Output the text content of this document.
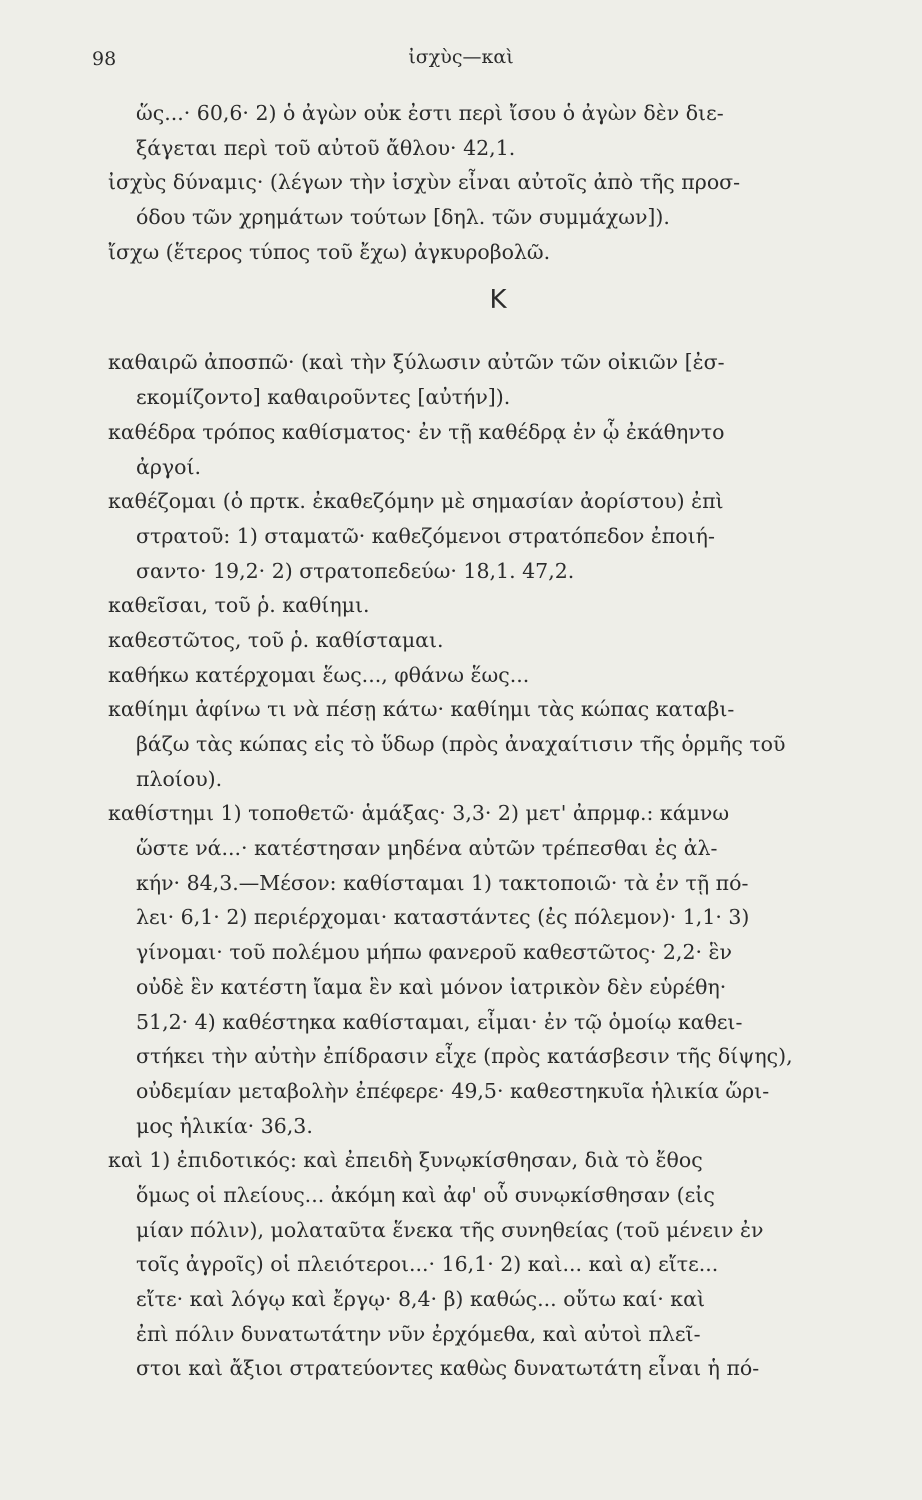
98	ἰσχὺς—καὶ
ὥς...· 60,6· 2) ὁ ἀγὼν οὐκ ἐστι περὶ ἴσου ὁ ἀγὼν δὲν διε-
ξάγεται περὶ τοῦ αὐτοῦ ἄθλου· 42,1.
ἰσχὺς δύναμις· (λέγων τὴν ἰσχὺν εἶναι αὐτοῖς ἀπὸ τῆς προσ-
όδου τῶν χρημάτων τούτων [δηλ. τῶν συμμάχων]).
ἴσχω (ἕτερος τύπος τοῦ ἔχω) ἀγκυροβολῶ.
Κ
καθαιρῶ ἀποσπῶ· (καὶ τὴν ξύλωσιν αὐτῶν τῶν οἰκιῶν [ἐσ-
εκομίζοντο] καθαιροῦντες [αὐτήν]).
καθέδρα τρόπος καθίσματος· ἐν τῇ καθέδρᾳ ἐν ᾧ ἐκάθηντο
ἀργοί.
καθέζομαι (ὁ πρτκ. ἐκαθεζόμην μὲ σημασίαν ἀορίστου) ἐπὶ
στρατοῦ: 1) σταματῶ· καθεζόμενοι στρατόπεδον ἐποιή-
σαντο· 19,2· 2) στρατοπεδεύω· 18,1. 47,2.
καθεῖσαι, τοῦ ῥ. καθίημι.
καθεστῶτος, τοῦ ῥ. καθίσταμαι.
καθήκω κατέρχομαι ἕως..., φθάνω ἕως...
καθίημι ἀφίνω τι νὰ πέσῃ κάτω· καθίημι τὰς κώπας καταβι-
βάζω τὰς κώπας εἰς τὸ ὕδωρ (πρὸς ἀναχαίτισιν τῆς ὁρμῆς τοῦ
πλοίου).
καθίστημι 1) τοποθετῶ· ἁμάξας· 3,3· 2) μετ' ἀπρμφ.: κάμνω
ὥστε νά...· κατέστησαν μηδένα αὐτῶν τρέπεσθαι ἐς ἀλ-
κήν· 84,3.—Μέσον: καθίσταμαι 1) τακτοποιῶ· τὰ ἐν τῇ πό-
λει· 6,1· 2) περιέρχομαι· καταστάντες (ἐς πόλεμον)· 1,1· 3)
γίνομαι· τοῦ πολέμου μήπω φανεροῦ καθεστῶτος· 2,2· ἓν
οὐδὲ ἓν κατέστη ἴαμα ἓν καὶ μόνον ἰατρικὸν δὲν εὑρέθη·
51,2· 4) καθέστηκα καθίσταμαι, εἶμαι· ἐν τῷ ὁμοίῳ καθει-
στήκει τὴν αὐτὴν ἐπίδρασιν εἶχε (πρὸς κατάσβεσιν τῆς δίψης),
οὐδεμίαν μεταβολὴν ἐπέφερε· 49,5· καθεστηκυῖα ἡλικία ὥρι-
μος ἡλικία· 36,3.
καὶ 1) ἐπιδοτικός: καὶ ἐπειδὴ ξυνῳκίσθησαν, διὰ τὸ ἔθος
ὅμως οἱ πλείους... ἀκόμη καὶ ἀφ' οὗ συνῳκίσθησαν (εἰς
μίαν πόλιν), μολαταῦτα ἕνεκα τῆς συνηθείας (τοῦ μένειν ἐν
τοῖς ἀγροῖς) οἱ πλειότεροι...· 16,1· 2) καὶ... καὶ α) εἴτε...
εἴτε· καὶ λόγῳ καὶ ἔργῳ· 8,4· β) καθώς... οὕτω καί· καὶ
ἐπὶ πόλιν δυνατωτάτην νῦν ἐρχόμεθα, καὶ αὐτοὶ πλεῖ-
στοι καὶ ἄξιοι στρατεύοντες καθὼς δυνατωτάτη εἶναι ἡ πό-
